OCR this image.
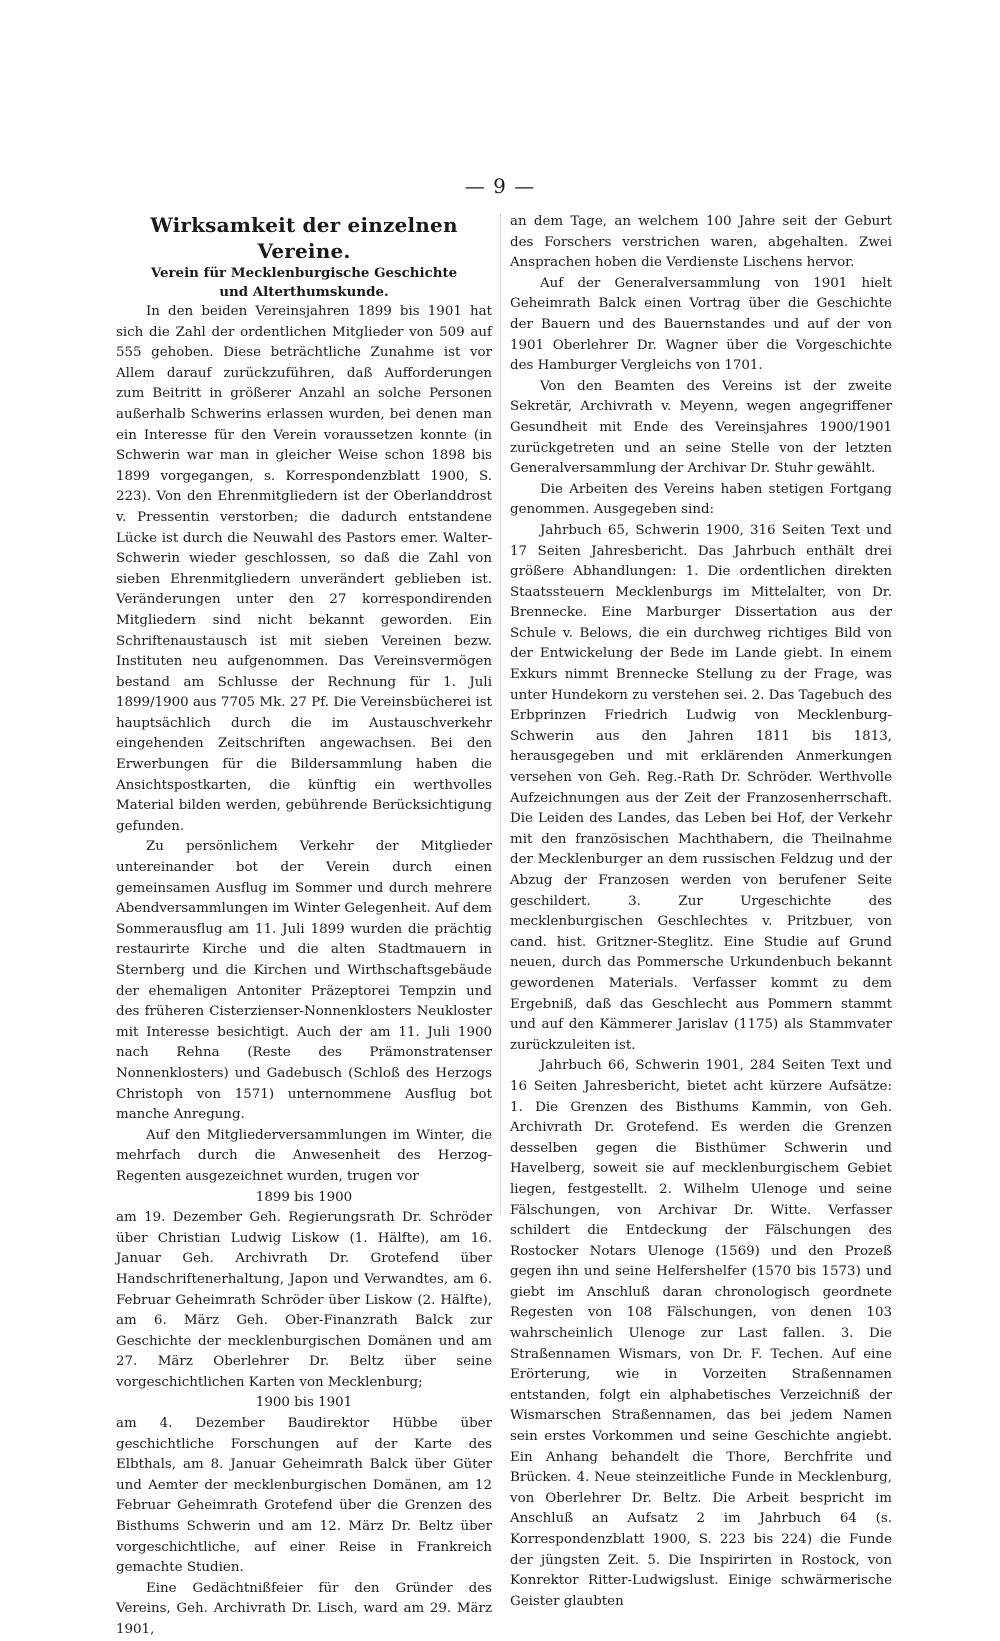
— 9 —

Wirksamkeit der einzelnen Vereine.

Verein für Mecklenburgische Geschichte

und Alterthumskunde.

In den beiden Vereinsjahren 1899 bis 1901 hat sich die Zahl der ordentlichen Mitglieder von 509 auf 555 gehoben. Diese beträchtliche Zunahme ist vor Allem darauf zurückzuführen, daß Aufforderungen zum Beitritt in größerer Anzahl an solche Personen außerhalb Schwerins erlassen wurden, bei denen man ein Interesse für den Verein voraussetzen konnte (in Schwerin war man in gleicher Weise schon 1898 bis 1899 vorgegangen, s. Korrespondenzblatt 1900, S. 223). Von den Ehrenmitgliedern ist der Oberlanddrost v. Pressentin verstorben; die dadurch entstandene Lücke ist durch die Neuwahl des Pastors emer. Walter-Schwerin wieder geschlossen, so daß die Zahl von sieben Ehrenmitgliedern unverändert geblieben ist. Veränderungen unter den 27 korrespondirenden Mitgliedern sind nicht bekannt geworden. Ein Schriftenaustausch ist mit sieben Vereinen bezw. Instituten neu aufgenommen. Das Vereinsvermögen bestand am Schlusse der Rechnung für 1. Juli 1899/1900 aus 7705 Mk. 27 Pf. Die Vereinsbücherei ist hauptsächlich durch die im Austauschverkehr eingehenden Zeitschriften angewachsen. Bei den Erwerbungen für die Bildersammlung haben die Ansichtspostkarten, die künftig ein werthvolles Material bilden werden, gebührende Berücksichtigung gefunden.

Zu persönlichem Verkehr der Mitglieder untereinander bot der Verein durch einen gemeinsamen Ausflug im Sommer und durch mehrere Abendversammlungen im Winter Gelegenheit. Auf dem Sommerausflug am 11. Juli 1899 wurden die prächtig restaurirte Kirche und die alten Stadtmauern in Sternberg und die Kirchen und Wirthschaftsgebäude der ehemaligen Antoniter Präzeptorei Tempzin und des früheren Cisterzienser-Nonnenklosters Neukloster mit Interesse besichtigt. Auch der am 11. Juli 1900 nach Rehna (Reste des Prämonstratenser Nonnenklosters) und Gadebusch (Schloß des Herzogs Christoph von 1571) unternommene Ausflug bot manche Anregung.

Auf den Mitgliederversammlungen im Winter, die mehrfach durch die Anwesenheit des Herzog-Regenten ausgezeichnet wurden, trugen vor

1899 bis 1900

am 19. Dezember Geh. Regierungsrath Dr. Schröder über Christian Ludwig Liskow (1. Hälfte), am 16. Januar Geh. Archivrath Dr. Grotefend über Handschriftenerhaltung, Japon und Verwandtes, am 6. Februar Geheimrath Schröder über Liskow (2. Hälfte), am 6. März Geh. Ober-Finanzrath Balck zur Geschichte der mecklenburgischen Domänen und am 27. März Oberlehrer Dr. Beltz über seine vorgeschichtlichen Karten von Mecklenburg;

1900 bis 1901

am 4. Dezember Baudirektor Hübbe über geschichtliche Forschungen auf der Karte des Elbthals, am 8. Januar Geheimrath Balck über Güter und Aemter der mecklenburgischen Domänen, am 12 Februar Geheimrath Grotefend über die Grenzen des Bisthums Schwerin und am 12. März Dr. Beltz über vorgeschichtliche, auf einer Reise in Frankreich gemachte Studien.

Eine Gedächtnißfeier für den Gründer des Vereins, Geh. Archivrath Dr. Lisch, ward am 29. März 1901,

an dem Tage, an welchem 100 Jahre seit der Geburt des Forschers verstrichen waren, abgehalten. Zwei Ansprachen hoben die Verdienste Lischens hervor.

Auf der Generalversammlung von 1901 hielt Geheimrath Balck einen Vortrag über die Geschichte der Bauern und des Bauernstandes und auf der von 1901 Oberlehrer Dr. Wagner über die Vorgeschichte des Hamburger Vergleichs von 1701.

Von den Beamten des Vereins ist der zweite Sekretär, Archivrath v. Meyenn, wegen angegriffener Gesundheit mit Ende des Vereinsjahres 1900/1901 zurückgetreten und an seine Stelle von der letzten Generalversammlung der Archivar Dr. Stuhr gewählt.

Die Arbeiten des Vereins haben stetigen Fortgang genommen. Ausgegeben sind:

Jahrbuch 65, Schwerin 1900, 316 Seiten Text und 17 Seiten Jahresbericht. Das Jahrbuch enthält drei größere Abhandlungen: 1. Die ordentlichen direkten Staatssteuern Mecklenburgs im Mittelalter, von Dr. Brennecke. Eine Marburger Dissertation aus der Schule v. Belows, die ein durchweg richtiges Bild von der Entwickelung der Bede im Lande giebt. In einem Exkurs nimmt Brennecke Stellung zu der Frage, was unter Hundekorn zu verstehen sei. 2. Das Tagebuch des Erbprinzen Friedrich Ludwig von Mecklenburg-Schwerin aus den Jahren 1811 bis 1813, herausgegeben und mit erklärenden Anmerkungen versehen von Geh. Reg.-Rath Dr. Schröder. Werthvolle Aufzeichnungen aus der Zeit der Franzosenherrschaft. Die Leiden des Landes, das Leben bei Hof, der Verkehr mit den französischen Machthabern, die Theilnahme der Mecklenburger an dem russischen Feldzug und der Abzug der Franzosen werden von berufener Seite geschildert. 3. Zur Urgeschichte des mecklenburgischen Geschlechtes v. Pritzbuer, von cand. hist. Gritzner-Steglitz. Eine Studie auf Grund neuen, durch das Pommersche Urkundenbuch bekannt gewordenen Materials. Verfasser kommt zu dem Ergebniß, daß das Geschlecht aus Pommern stammt und auf den Kämmerer Jarislav (1175) als Stammvater zurückzuleiten ist.

Jahrbuch 66, Schwerin 1901, 284 Seiten Text und 16 Seiten Jahresbericht, bietet acht kürzere Aufsätze: 1. Die Grenzen des Bisthums Kammin, von Geh. Archivrath Dr. Grotefend. Es werden die Grenzen desselben gegen die Bisthümer Schwerin und Havelberg, soweit sie auf mecklenburgischem Gebiet liegen, festgestellt. 2. Wilhelm Ulenoge und seine Fälschungen, von Archivar Dr. Witte. Verfasser schildert die Entdeckung der Fälschungen des Rostocker Notars Ulenoge (1569) und den Prozeß gegen ihn und seine Helfershelfer (1570 bis 1573) und giebt im Anschluß daran chronologisch geordnete Regesten von 108 Fälschungen, von denen 103 wahrscheinlich Ulenoge zur Last fallen. 3. Die Straßennamen Wismars, von Dr. F. Techen. Auf eine Erörterung, wie in Vorzeiten Straßennamen entstanden, folgt ein alphabetisches Verzeichniß der Wismarschen Straßennamen, das bei jedem Namen sein erstes Vorkommen und seine Geschichte angiebt. Ein Anhang behandelt die Thore, Berchfrite und Brücken. 4. Neue steinzeitliche Funde in Mecklenburg, von Oberlehrer Dr. Beltz. Die Arbeit bespricht im Anschluß an Aufsatz 2 im Jahrbuch 64 (s. Korrespondenzblatt 1900, S. 223 bis 224) die Funde der jüngsten Zeit. 5. Die Inspirirten in Rostock, von Konrektor Ritter-Ludwigslust. Einige schwärmerische Geister glaubten
